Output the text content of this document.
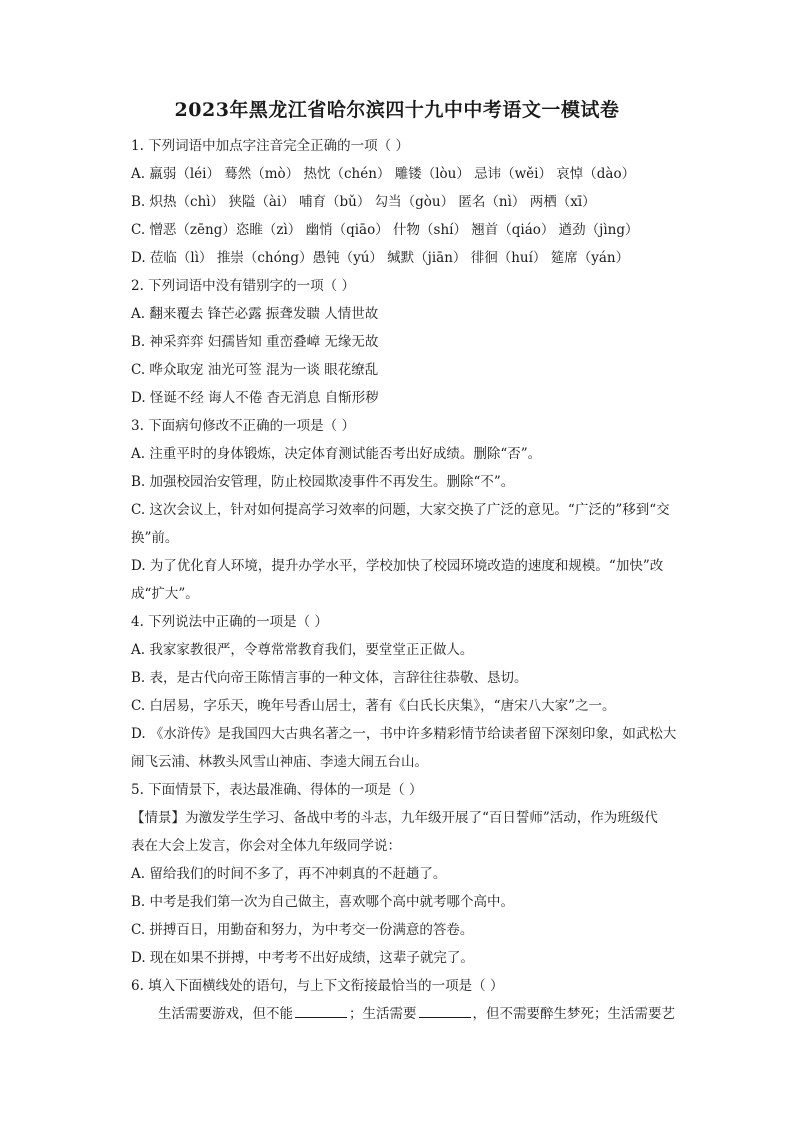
2023年黑龙江省哈尔滨四十九中中考语文一模试卷
1. 下列词语中加点字注音完全正确的一项（ ）
A. 羸弱（léi） 蓦然（mò） 热忱（chén） 雕镂（lòu） 忌讳（wěi） 哀悼（dào）
B. 炽热（chì） 狭隘（ài） 哺育（bǔ） 勾当（gòu） 匿名（nì） 两栖（xī）
C. 憎恶（zēng）恣睢（zì） 幽悄（qiāo） 什物（shí） 翘首（qiáo） 遒劲（jìng）
D. 莅临（lì） 推崇（chóng）愚钝（yú） 缄默（jiān） 徘徊（huí） 筵席（yán）
2. 下列词语中没有错别字的一项（ ）
A. 翻来覆去 锋芒必露 振聋发聩 人情世故
B. 神采弈弈 妇孺皆知 重峦叠嶂 无缘无故
C. 哗众取宠 油光可签 混为一谈 眼花缭乱
D. 怪诞不经 诲人不倦 杳无消息 自惭形秽
3. 下面病句修改不正确的一项是（ ）
A. 注重平时的身体锻炼，决定体育测试能否考出好成绩。删除“否”。
B. 加强校园治安管理，防止校园欺凌事件不再发生。删除“不”。
C. 这次会议上，针对如何提高学习效率的问题，大家交换了广泛的意见。“广泛的”移到“交
换”前。
D. 为了优化育人环境，提升办学水平，学校加快了校园环境改造的速度和规模。“加快”改
成“扩大”。
4. 下列说法中正确的一项是（ ）
A. 我家家教很严，令尊常常教育我们，要堂堂正正做人。
B. 表，是古代向帝王陈情言事的一种文体，言辞往往恭敬、恳切。
C. 白居易，字乐天，晚年号香山居士，著有《白氏长庆集》，“唐宋八大家”之一。
D. 《水浒传》是我国四大古典名著之一，书中许多精彩情节给读者留下深刻印象，如武松大
闹飞云浦、林教头风雪山神庙、李逵大闹五台山。
5. 下面情景下，表达最准确、得体的一项是（ ）
【情景】为激发学生学习、备战中考的斗志，九年级开展了“百日誓师”活动，作为班级代
表在大会上发言，你会对全体九年级同学说：
A. 留给我们的时间不多了，再不冲刺真的不赶趟了。
B. 中考是我们第一次为自己做主，喜欢哪个高中就考哪个高中。
C. 拼搏百日，用勤奋和努力，为中考交一份满意的答卷。
D. 现在如果不拼搏，中考考不出好成绩，这辈子就完了。
6. 填入下面横线处的语句，与上下文衔接最恰当的一项是（ ）
生活需要游戏，但不能	；生活需要	，但不需要醉生梦死；生活需要艺
